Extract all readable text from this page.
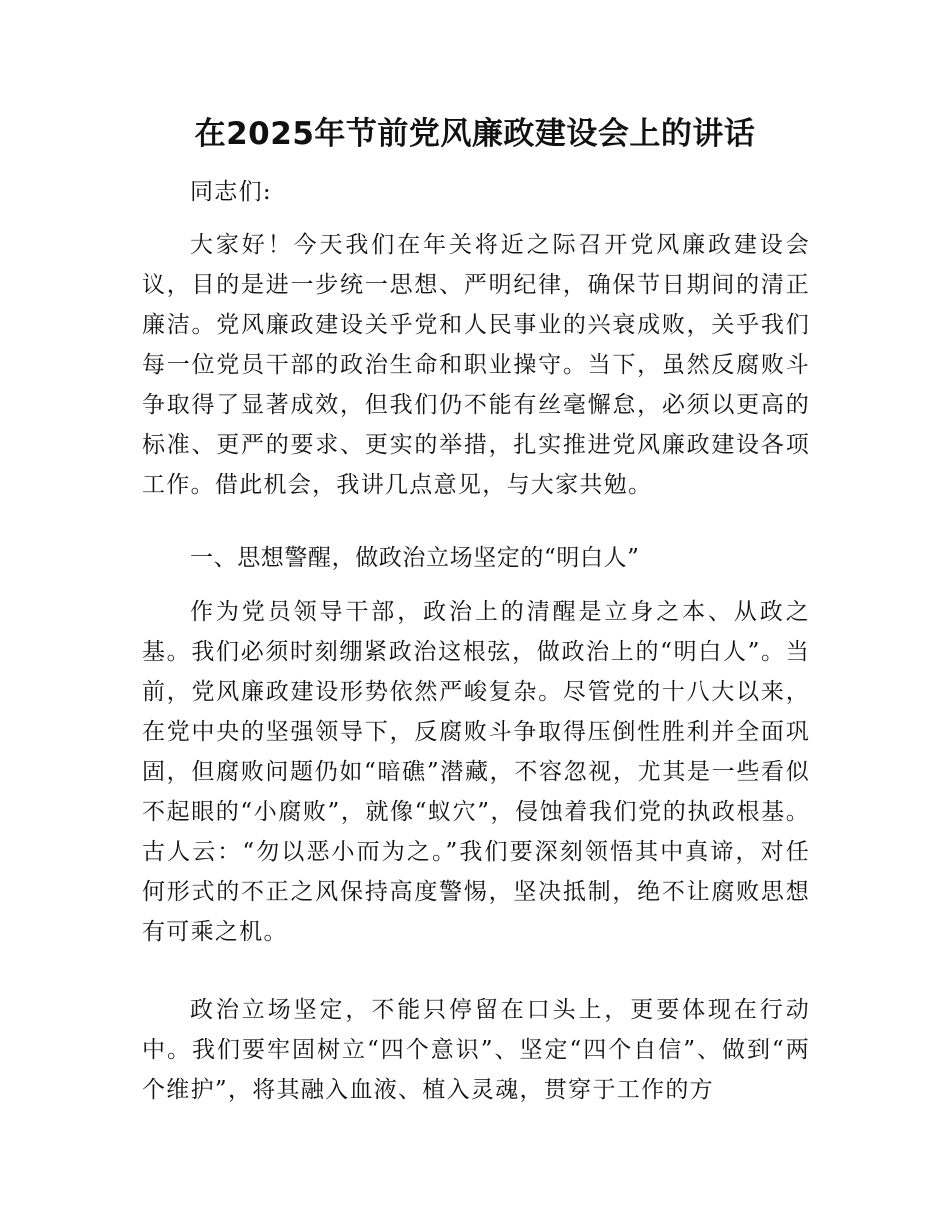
在2025年节前党风廉政建设会上的讲话

同志们:

大家好！今天我们在年关将近之际召开党风廉政建设会议，目的是进一步统一思想、严明纪律，确保节日期间的清正廉洁。党风廉政建设关乎党和人民事业的兴衰成败，关乎我们每一位党员干部的政治生命和职业操守。当下，虽然反腐败斗争取得了显著成效，但我们仍不能有丝毫懈怠，必须以更高的标准、更严的要求、更实的举措，扎实推进党风廉政建设各项工作。借此机会，我讲几点意见，与大家共勉。

一、思想警醒，做政治立场坚定的“明白人”

作为党员领导干部，政治上的清醒是立身之本、从政之基。我们必须时刻绷紧政治这根弦，做政治上的“明白人”。当前，党风廉政建设形势依然严峻复杂。尽管党的十八大以来，在党中央的坚强领导下，反腐败斗争取得压倒性胜利并全面巩固，但腐败问题仍如“暗礁”潜藏，不容忽视，尤其是一些看似不起眼的“小腐败”，就像“蚁穴”，侵蚀着我们党的执政根基。古人云：“勿以恶小而为之。”我们要深刻领悟其中真谛，对任何形式的不正之风保持高度警惕，坚决抵制，绝不让腐败思想有可乘之机。

政治立场坚定，不能只停留在口头上，更要体现在行动中。我们要牢固树立“四个意识”、坚定“四个自信”、做到“两个维护”，将其融入血液、植入灵魂，贯穿于工作的方
